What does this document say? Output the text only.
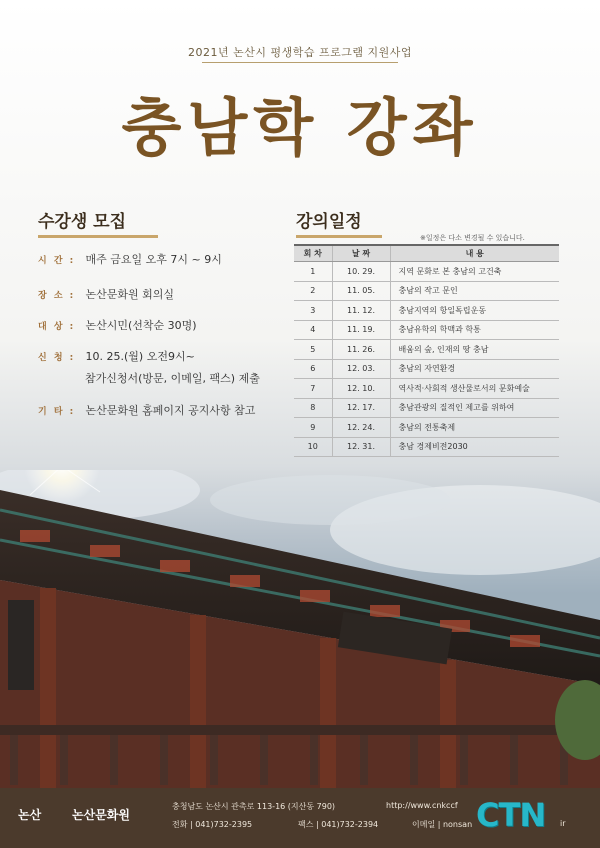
2021년 논산시 평생학습 프로그램 지원사업
충남학 강좌
수강생 모집
시 간 : 매주 금요일 오후 7시 ~ 9시
장 소 : 논산문화원 회의실
대 상 : 논산시민(선착순 30명)
신 청 : 10. 25.(월) 오전9시~
참가신청서(방문, 이메일, 팩스) 제출
기 타 : 논산문화원 홈페이지 공지사항 참고
강의일정
※일정은 다소 변경될 수 있습니다.
회 차	날 짜	내 용
1	10. 29.	지역 문화로 본 충남의 고건축
2	11. 05.	충남의 작고 문인
3	11. 12.	충남지역의 항일독립운동
4	11. 19.	충남유학의 학맥과 학통
5	11. 26.	배움의 숲, 인재의 땅 충남
6	12. 03.	충남의 자연환경
7	12. 10.	역사적·사회적 생산물로서의 문화예술
8	12. 17.	충남관광의 질적인 제고를 위하여
9	12. 24.	충남의 전통축제
10	12. 31.	충남 경제비전2030
논산	논산문화원
충청남도 논산시 관촉로 113-16 (지산동 790)	http://www.cnkccf
전화 | 041)732-2395	팩스 | 041)732-2394	이메일 | nonsan	ir
CTN
